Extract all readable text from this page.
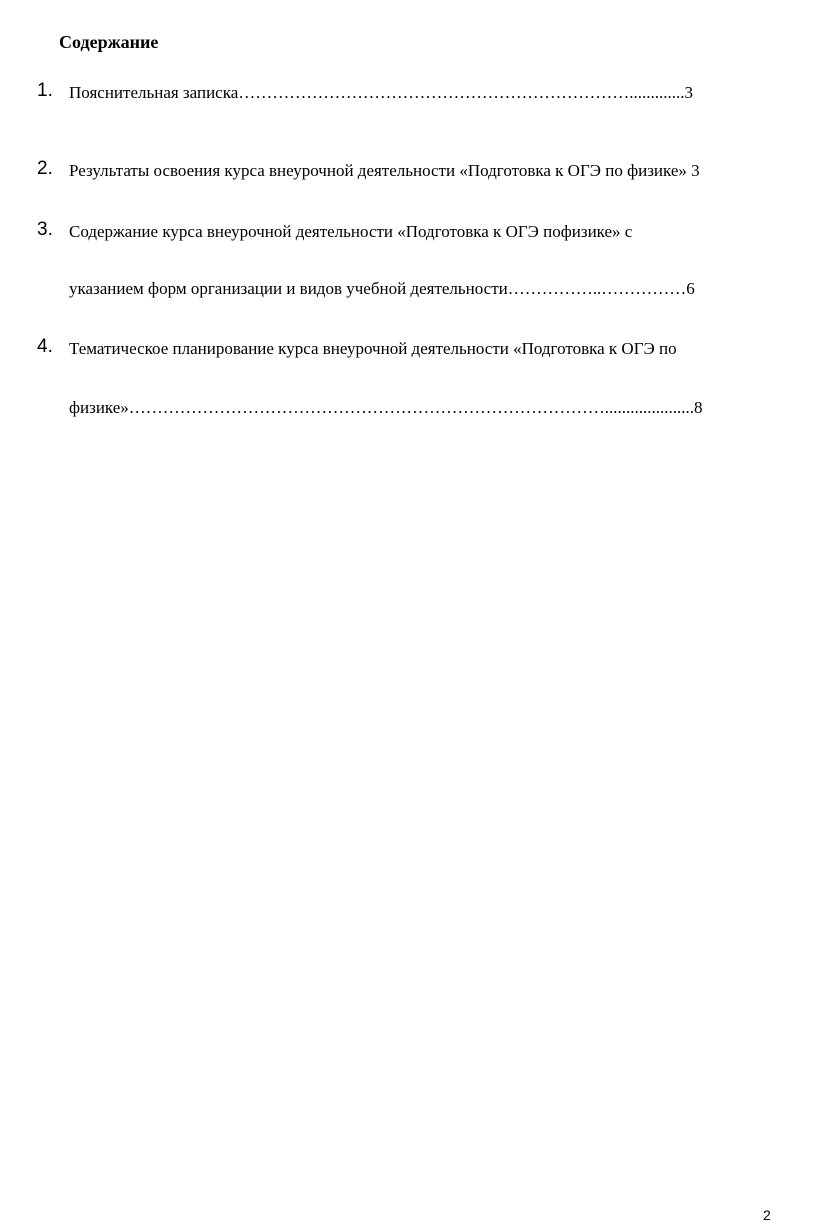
Содержание
1. Пояснительная записка…………………………………………………………….............3
2. Результаты освоения курса внеурочной деятельности «Подготовка к ОГЭ по физике» 3
3. Содержание курса внеурочной деятельности «Подготовка к ОГЭ пофизике» с
указанием форм организации и видов учебной деятельности……………..……………6
4. Тематическое планирование курса внеурочной деятельности «Подготовка к ОГЭ по
физике»………………………………………………………………………….....................8
2
